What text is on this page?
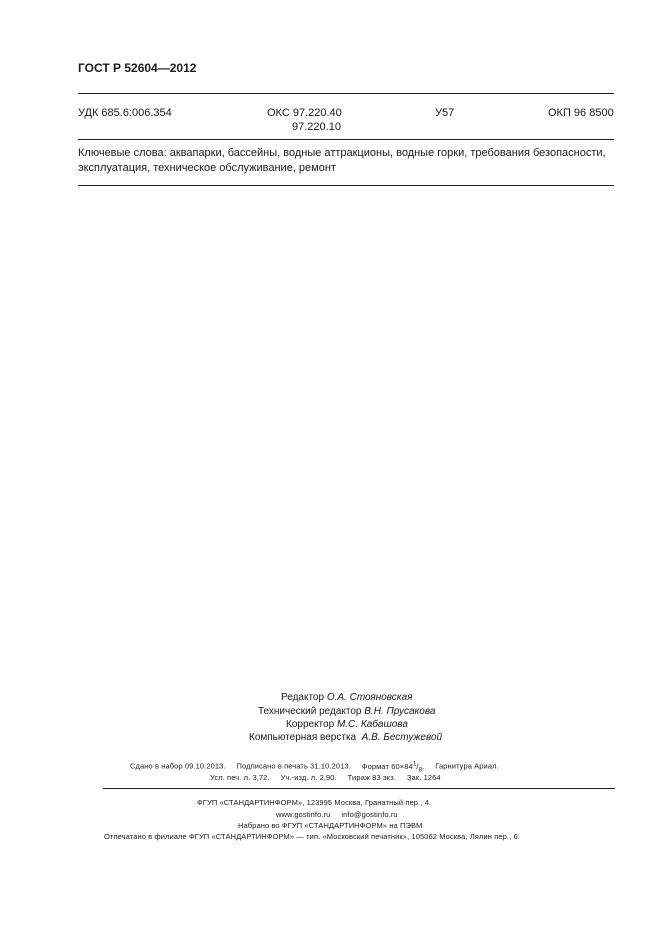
ГОСТ Р 52604—2012
УДК 685.6:006.354	ОКС 97.220.40
97.220.10
У57	ОКП 96 8500
Ключевые слова: аквапарки, бассейны, водные аттракционы, водные горки, требования безопасности,
эксплуатация, техническое обслуживание, ремонт
Редактор О.А. Стояновская
Технический редактор В.Н. Прусакова
Корректор М.С. Кабашова
Компьютерная верстка А.В. Бестужевой
Сдано в набор 09.10.2013. Подписано в печать 31.10.2013. Формат $60\times 84^1/_8$. Гарнитура Ариал.
Усл. печ. л. 3,72. Уч.-изд. л. 2,90. Тираж 83 экз. Зак. 1264
ФГУП «СТАНДАРТИНФОРМ», 123995 Москва, Гранатный пер., 4.
www.gostinfo.ru info@gostinfo.ru
Набрано во ФГУП «СТАНДАРТИНФОРМ» на ПЭВМ
Отпечатано в филиале ФГУП «СТАНДАРТИНФОРМ» — тип. «Московский печатник», 105062 Москва, Лялин пер., 6.
